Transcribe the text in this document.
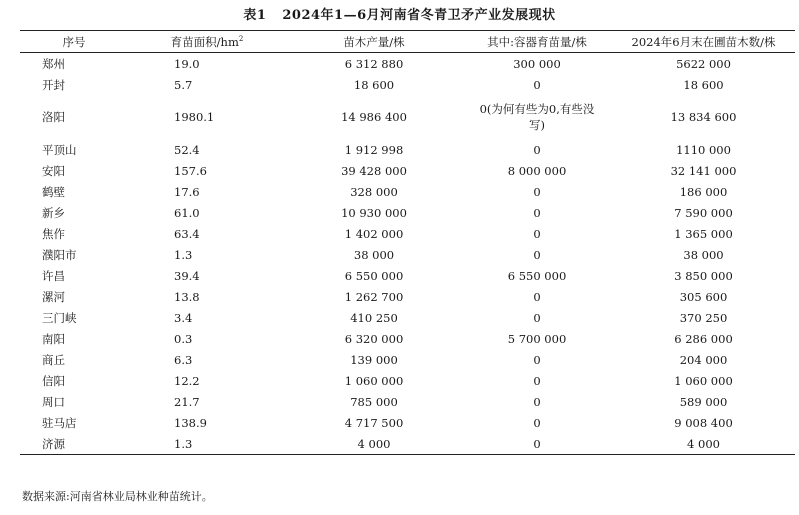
表1 2024年1—6月河南省冬青卫矛产业发展现状
序号	育苗面积$/hm^2$	苗木产量/株	其中:容器育苗量/株	2024年6月末在圃苗木数/株
郑州	19.0	6 312 880	300 000	5622 000
开封	5.7	18 600	0	18 600
洛阳	1980.1	14 986 400	0(为何有些为0,有些没写)	13 834 600
平顶山	52.4	1 912 998	0	1110 000
安阳	157.6	39 428 000	8 000 000	32 141 000
鹤壁	17.6	328 000	0	186 000
新乡	61.0	10 930 000	0	7 590 000
焦作	63.4	1 402 000	0	1 365 000
濮阳市	1.3	38 000	0	38 000
许昌	39.4	6 550 000	6 550 000	3 850 000
漯河	13.8	1 262 700	0	305 600
三门峡	3.4	410 250	0	370 250
南阳	0.3	6 320 000	5 700 000	6 286 000
商丘	6.3	139 000	0	204 000
信阳	12.2	1 060 000	0	1 060 000
周口	21.7	785 000	0	589 000
驻马店	138.9	4 717 500	0	9 008 400
济源	1.3	4 000	0	4 000
数据来源:河南省林业局林业种苗统计。
